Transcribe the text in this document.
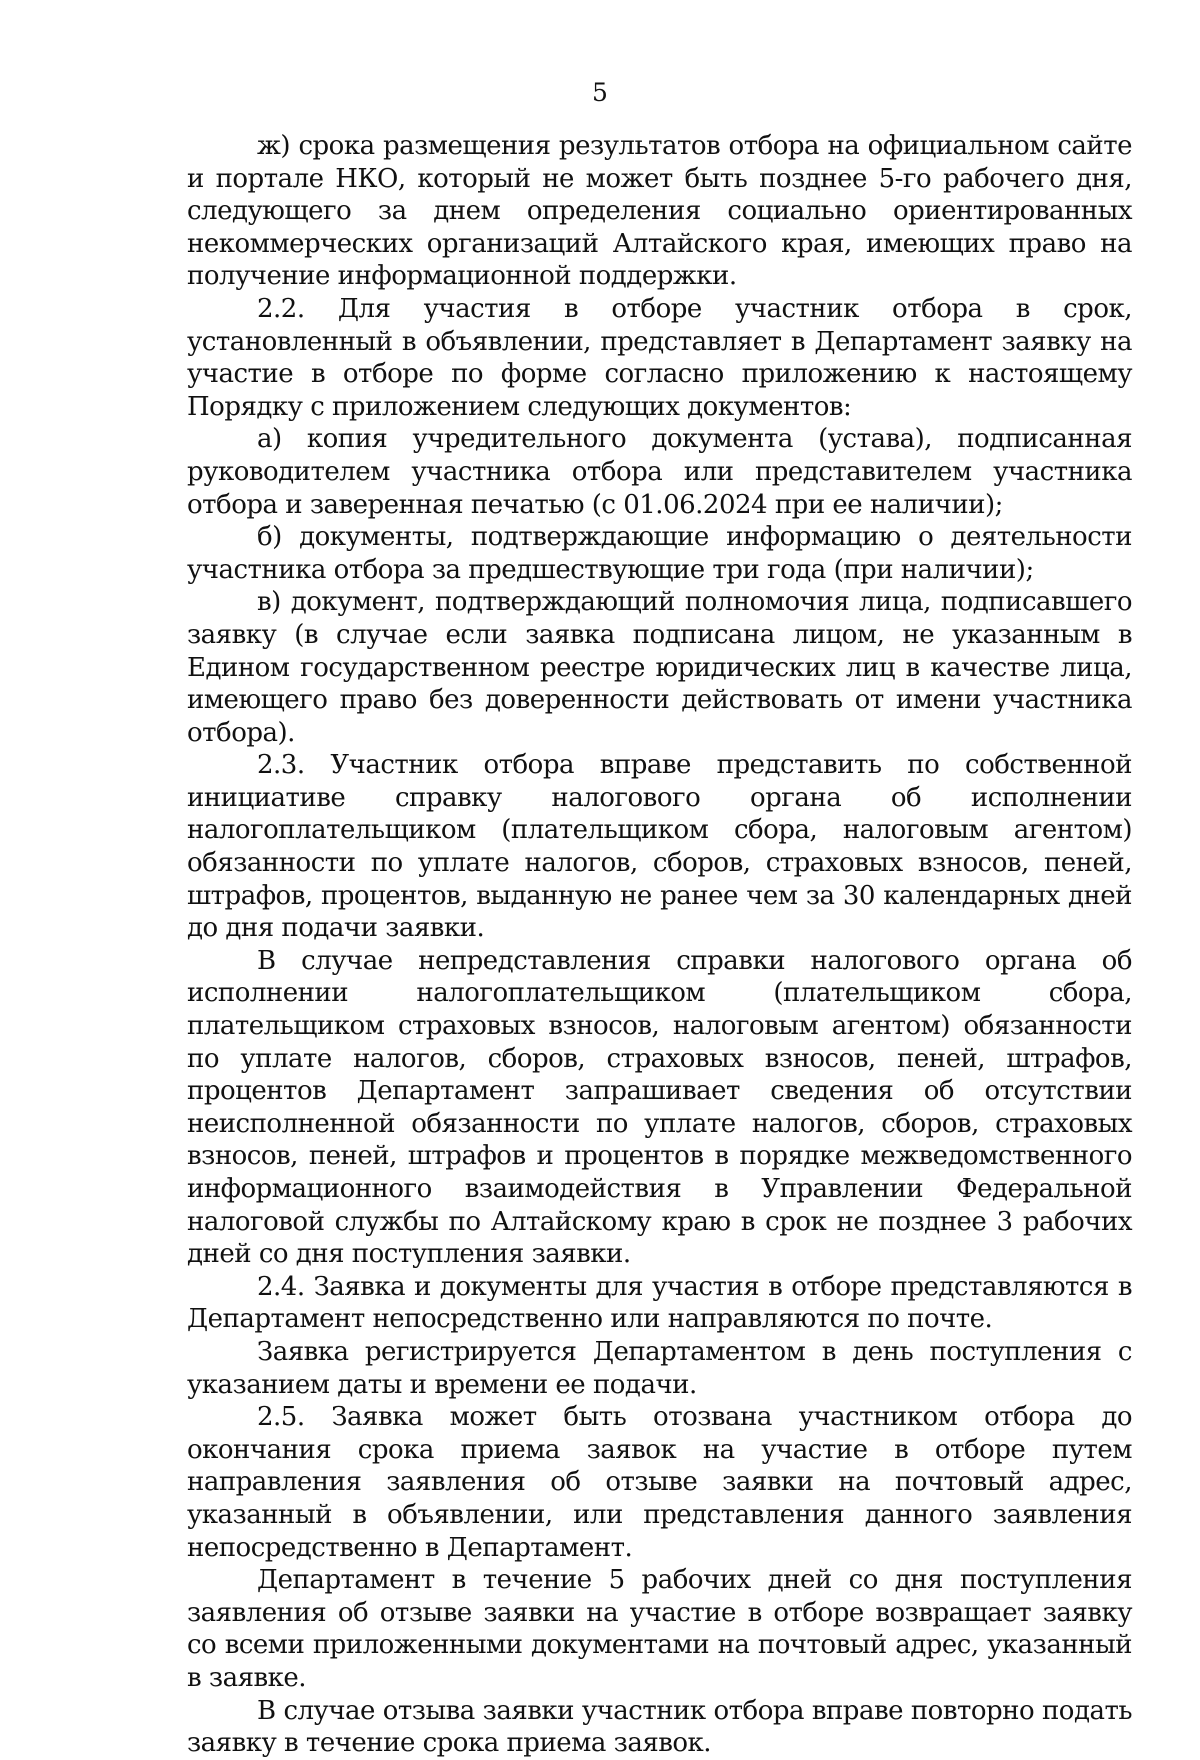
5

ж) срока размещения результатов отбора на официальном сайте и портале НКО, который не может быть позднее 5-го рабочего дня, следующего за днем определения социально ориентированных некоммерческих организаций Алтайского края, имеющих право на получение информационной поддержки.

2.2. Для участия в отборе участник отбора в срок, установленный в объявлении, представляет в Департамент заявку на участие в отборе по форме согласно приложению к настоящему Порядку с приложением следующих документов:

а) копия учредительного документа (устава), подписанная руководителем участника отбора или представителем участника отбора и заверенная печатью (с 01.06.2024 при ее наличии);

б) документы, подтверждающие информацию о деятельности участника отбора за предшествующие три года (при наличии);

в) документ, подтверждающий полномочия лица, подписавшего заявку (в случае если заявка подписана лицом, не указанным в Едином государственном реестре юридических лиц в качестве лица, имеющего право без доверенности действовать от имени участника отбора).

2.3. Участник отбора вправе представить по собственной инициативе справку налогового органа об исполнении налогоплательщиком (плательщиком сбора, налоговым агентом) обязанности по уплате налогов, сборов, страховых взносов, пеней, штрафов, процентов, выданную не ранее чем за 30 календарных дней до дня подачи заявки.

В случае непредставления справки налогового органа об исполнении налогоплательщиком (плательщиком сбора, плательщиком страховых взносов, налоговым агентом) обязанности по уплате налогов, сборов, страховых взносов, пеней, штрафов, процентов Департамент запрашивает сведения об отсутствии неисполненной обязанности по уплате налогов, сборов, страховых взносов, пеней, штрафов и процентов в порядке межведомственного информационного взаимодействия в Управлении Федеральной налоговой службы по Алтайскому краю в срок не позднее 3 рабочих дней со дня поступления заявки.

2.4. Заявка и документы для участия в отборе представляются в Департамент непосредственно или направляются по почте.

Заявка регистрируется Департаментом в день поступления с указанием даты и времени ее подачи.

2.5. Заявка может быть отозвана участником отбора до окончания срока приема заявок на участие в отборе путем направления заявления об отзыве заявки на почтовый адрес, указанный в объявлении, или представления данного заявления непосредственно в Департамент.

Департамент в течение 5 рабочих дней со дня поступления заявления об отзыве заявки на участие в отборе возвращает заявку со всеми приложенными документами на почтовый адрес, указанный в заявке.

В случае отзыва заявки участник отбора вправе повторно подать заявку в течение срока приема заявок.
